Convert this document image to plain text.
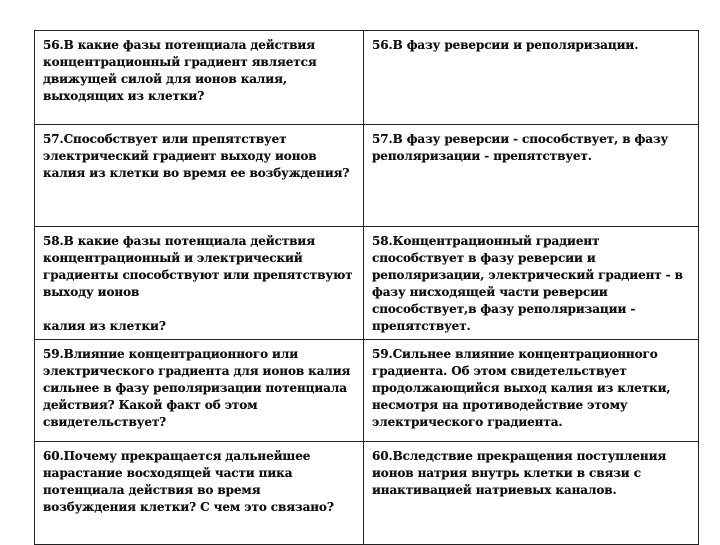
56.В какие фазы потенциала действия концентрационный градиент является движущей силой для ионов калия, выходящих из клетки?	56.В фазу реверсии и реполяризации.
57.Способствует или препятствует электрический градиент выходу ионов калия из клетки во время ее возбуждения?	57.В фазу реверсии - способствует, в фазу реполяризации - препятствует.
58.В какие фазы потенциала действия концентрационный и электрический градиенты способствуют или препятствуют выходу ионов
калия из клетки?	58.Концентрационный градиент способствует в фазу реверсии и реполяризации, электрический градиент - в фазу нисходящей части реверсии способствует,в фазу реполяризации - препятствует.
59.Влияние концентрационного или электрического градиента для ионов калия сильнее в фазу реполяризации потенциала действия? Какой факт об этом свидетельствует?	59.Сильнее влияние концентрационного градиента. Об этом свидетельствует продолжающийся выход калия из клетки, несмотря на противодействие этому электрического градиента.
60.Почему прекращается дальнейшее нарастание восходящей части пика потенциала действия во время возбуждения клетки? С чем это связано?	60.Вследствие прекращения поступления ионов натрия внутрь клетки в связи с инактивацией натриевых каналов.
